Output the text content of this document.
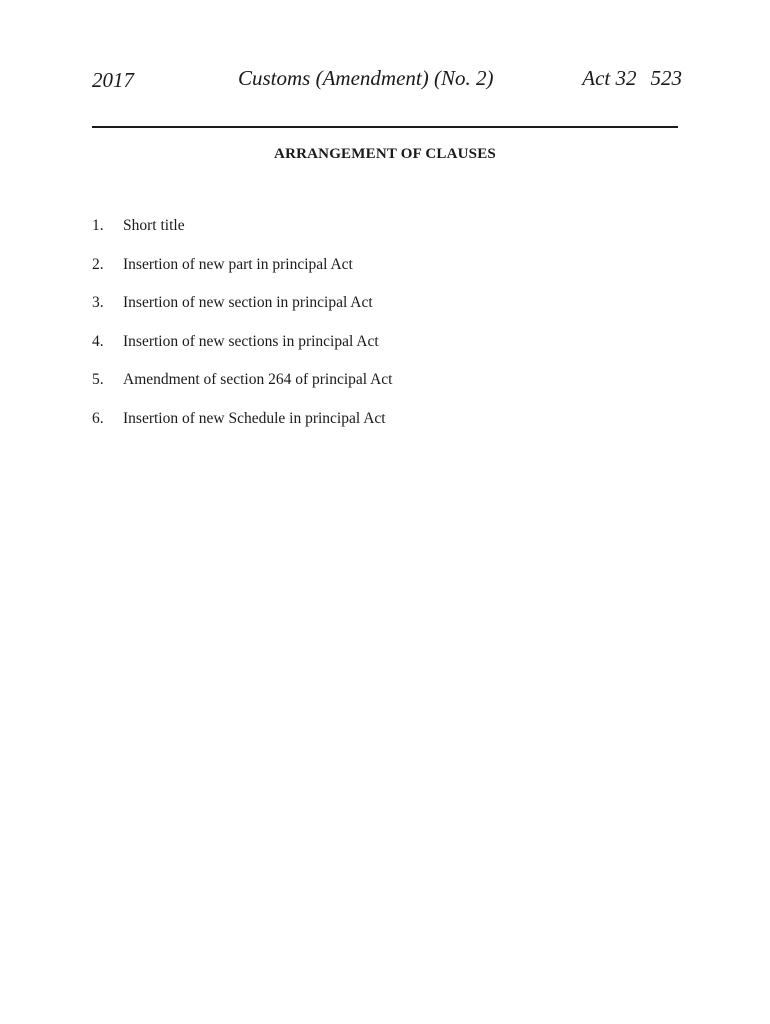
2017	Customs (Amendment) (No. 2)	Act 32 523
ARRANGEMENT OF CLAUSES
1.	Short title
2.	Insertion of new part in principal Act
3.	Insertion of new section in principal Act
4.	Insertion of new sections in principal Act
5.	Amendment of section 264 of principal Act
6.	Insertion of new Schedule in principal Act
